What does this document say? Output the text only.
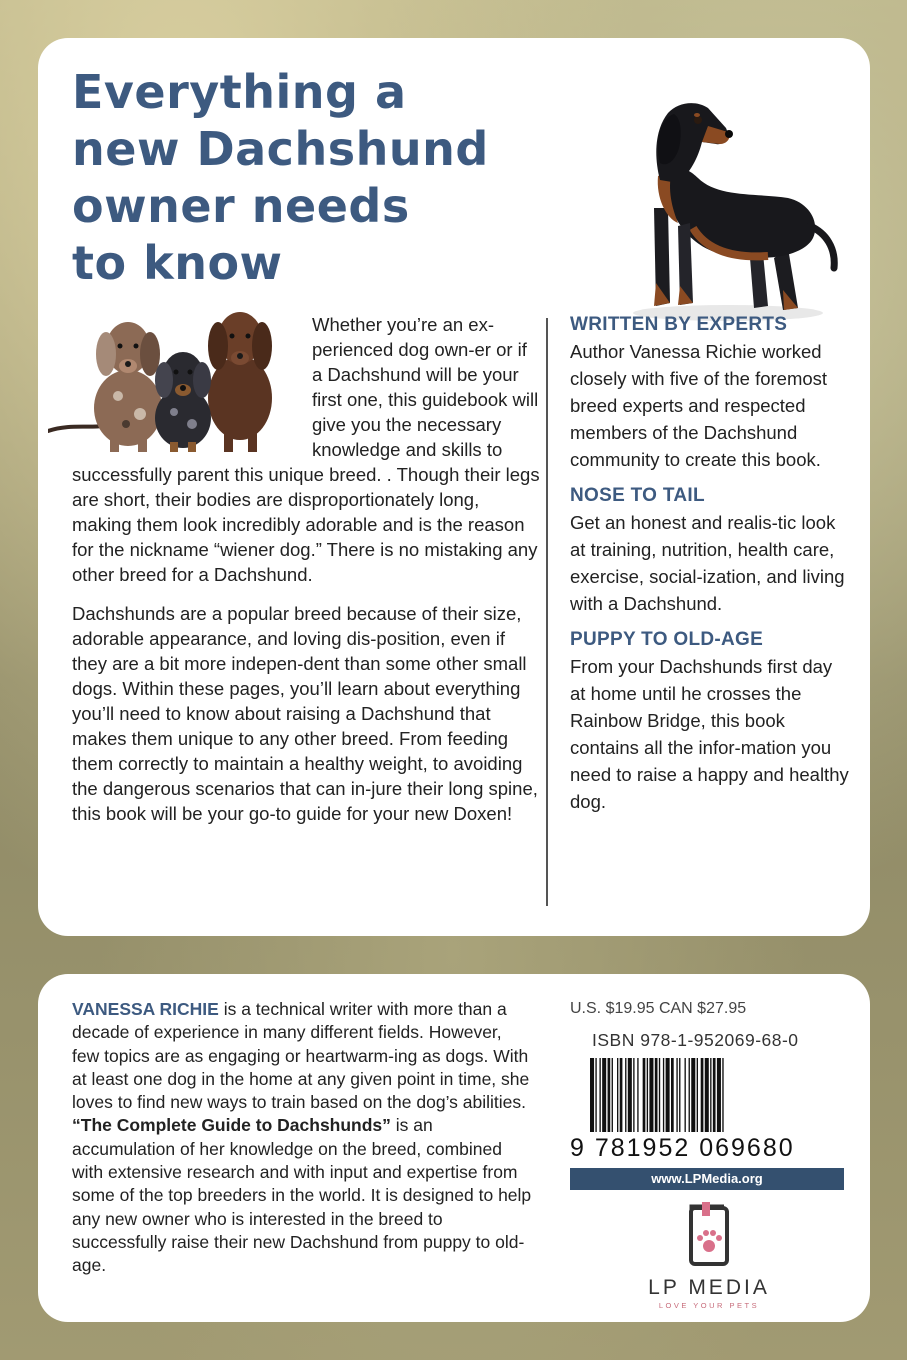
Everything a
new Dachshund
owner needs
to know

Whether you’re an ex-perienced dog own-er or if a Dachshund will be your first one, this guidebook will give you the necessary knowledge and skills to successfully parent this unique breed. . Though their legs are short, their bodies are disproportionately long, making them look incredibly adorable and is the reason for the nickname “wiener dog.” There is no mistaking any other breed for a Dachshund.

Dachshunds are a popular breed because of their size, adorable appearance, and loving dis-position, even if they are a bit more indepen-dent than some other small dogs. Within these pages, you’ll learn about everything you’ll need to know about raising a Dachshund that makes them unique to any other breed. From feeding them correctly to maintain a healthy weight, to avoiding the dangerous scenarios that can in-jure their long spine, this book will be your go-to guide for your new Doxen!

WRITTEN BY EXPERTS

Author Vanessa Richie worked closely with five of the foremost breed experts and respected members of the Dachshund community to create this book.

NOSE TO TAIL

Get an honest and realis-tic look at training, nutrition, health care, exercise, social-ization, and living with a Dachshund.

PUPPY TO OLD-AGE

From your Dachshunds first day at home until he crosses the Rainbow Bridge, this book contains all the infor-mation you need to raise a happy and healthy dog.

VANESSA RICHIE is a technical writer with more than a decade of experience in many different fields. However, few topics are as engaging or heartwarm-ing as dogs. With at least one dog in the home at any given point in time, she loves to find new ways to train based on the dog’s abilities. “The Complete Guide to Dachshunds” is an accumulation of her knowledge on the breed, combined with extensive research and with input and expertise from some of the top breeders in the world. It is designed to help any new owner who is interested in the breed to successfully raise their new Dachshund from puppy to old-age.

U.S. $19.95 CAN $27.95
ISBN 978-1-952069-68-0
9 781952 069680
www.LPMedia.org
LP MEDIA
LOVE YOUR PETS
